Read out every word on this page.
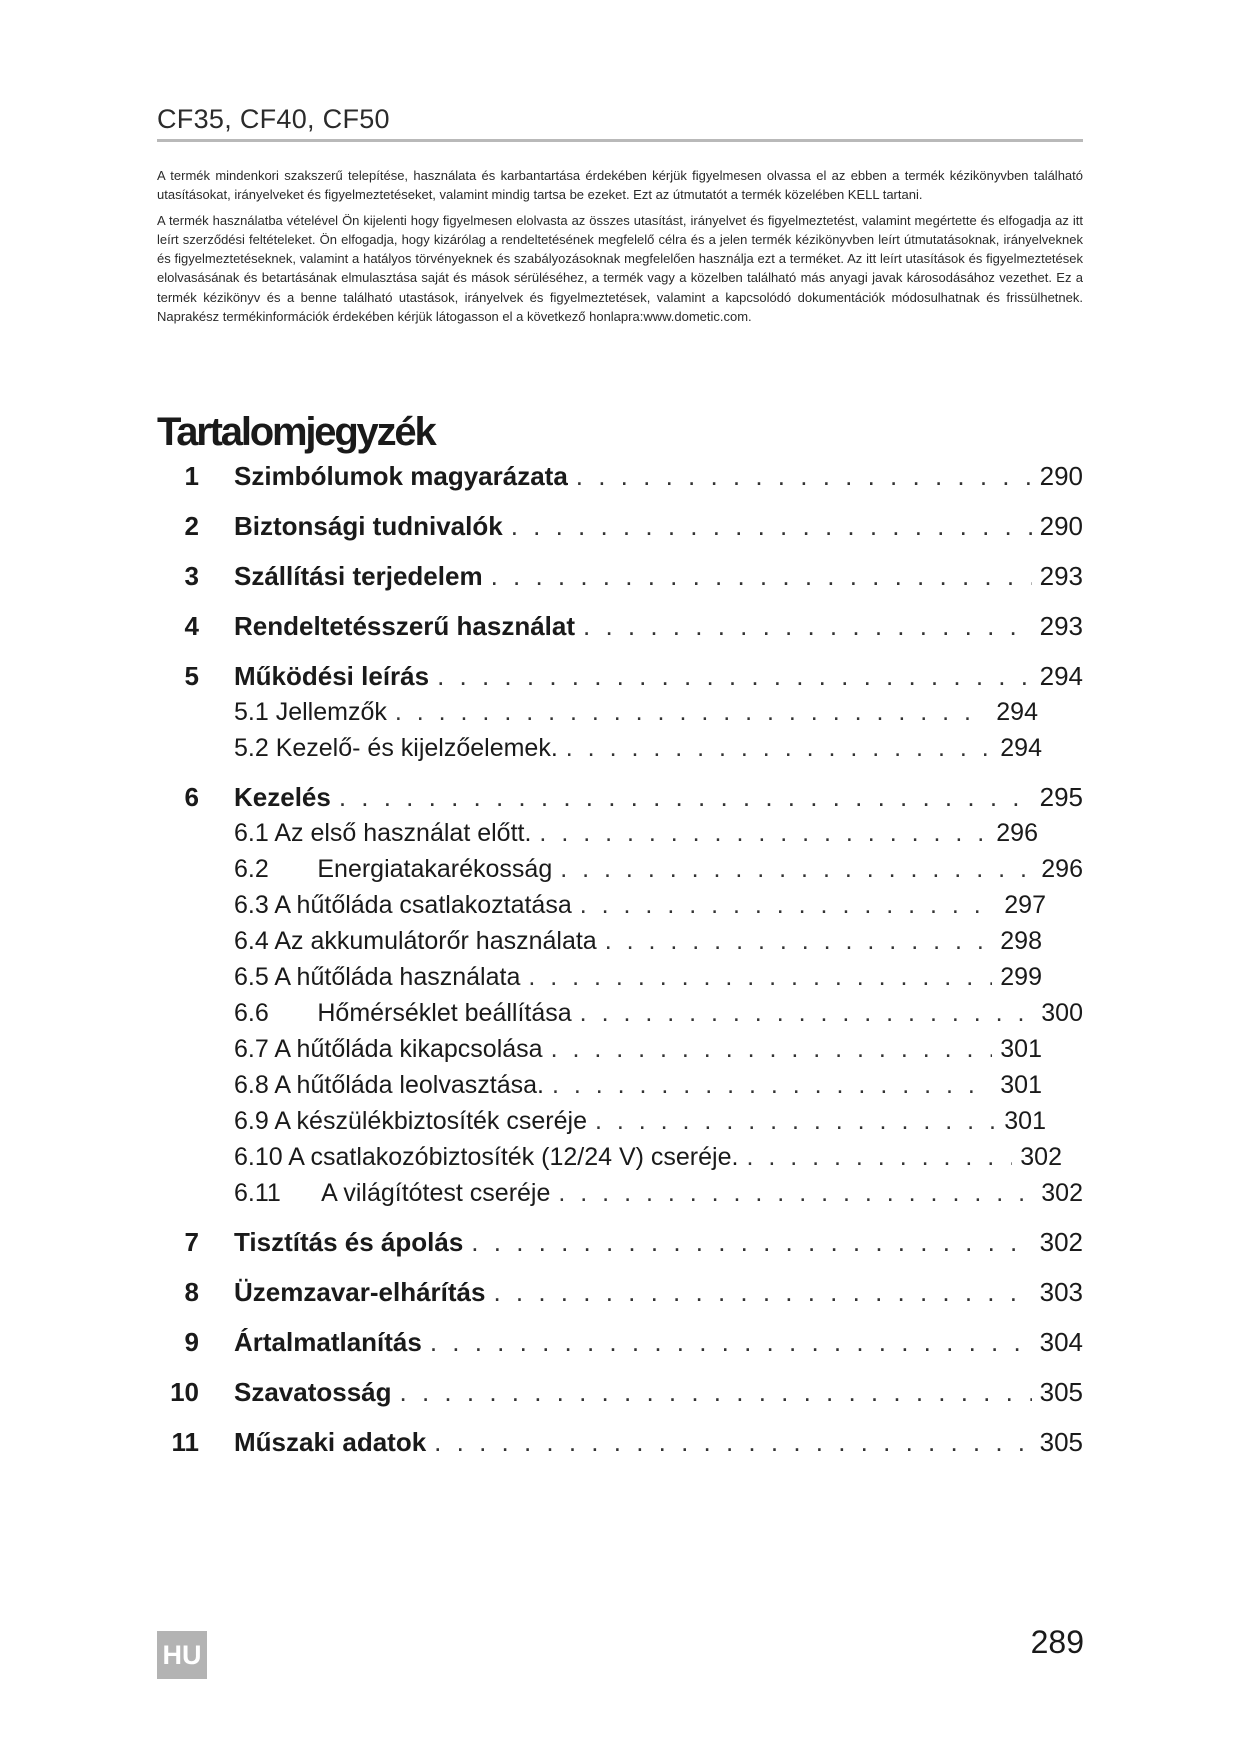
CF35, CF40, CF50

A termék mindenkori szakszerű telepítése, használata és karbantartása érdekében kérjük figyelmesen olvassa el az ebben a termék kézikönyvben található utasításokat, irányelveket és figyelmeztetéseket, valamint mindig tartsa be ezeket. Ezt az útmutatót a termék közelében KELL tartani.

A termék használatba vételével Ön kijelenti hogy figyelmesen elolvasta az összes utasítást, irányelvet és figyelmeztetést, valamint megértette és elfogadja az itt leírt szerződési feltételeket. Ön elfogadja, hogy kizárólag a rendeltetésének megfelelő célra és a jelen termék kézikönyvben leírt útmutatásoknak, irányelveknek és figyelmeztetéseknek, valamint a hatályos törvényeknek és szabályozásoknak megfelelően használja ezt a terméket. Az itt leírt utasítások és figyelmeztetések elolvasásának és betartásának elmulasztása saját és mások sérüléséhez, a termék vagy a közelben található más anyagi javak károsodásához vezethet. Ez a termék kézikönyv és a benne található utastások, irányelvek és figyelmeztetések, valamint a kapcsolódó dokumentációk módosulhatnak és frissülhetnek. Naprakész termékinformációk érdekében kérjük látogasson el a következő honlapra:www.dometic.com.

Tartalomjegyzék
1 Szimbólumok magyarázata . . .	290
2 Biztonsági tudnivalók . . .	290
3 Szállítási terjedelem . . .	293
4 Rendeltetésszerű használat . . .	293
5 Működési leírás . . .	294
5.1 Jellemzők . . .	294
5.2 Kezelő- és kijelzőelemek. . . .	294
6 Kezelés . . .	295
6.1 Az első használat előtt. . . .	296
6.2       Energiatakarékosság . . .	296
6.3 A hűtőláda csatlakoztatása . . .	297
6.4 Az akkumulátorőr használata . . .	298
6.5 A hűtőláda használata . . .	299
6.6       Hőmérséklet beállítása . . .	300
6.7 A hűtőláda kikapcsolása . . .	301
6.8 A hűtőláda leolvasztása. . . .	301
6.9 A készülékbiztosíték cseréje . . .	301
6.10 A csatlakozóbiztosíték (12/24 V) cseréje. . . .	302
6.11      A világítótest cseréje . . .	302
7 Tisztítás és ápolás . . .	302
8 Üzemzavar-elhárítás . . .	303
9 Ártalmatlanítás . . .	304
10 Szavatosság . . .	305
11 Műszaki adatok . . .	305
HU	289
